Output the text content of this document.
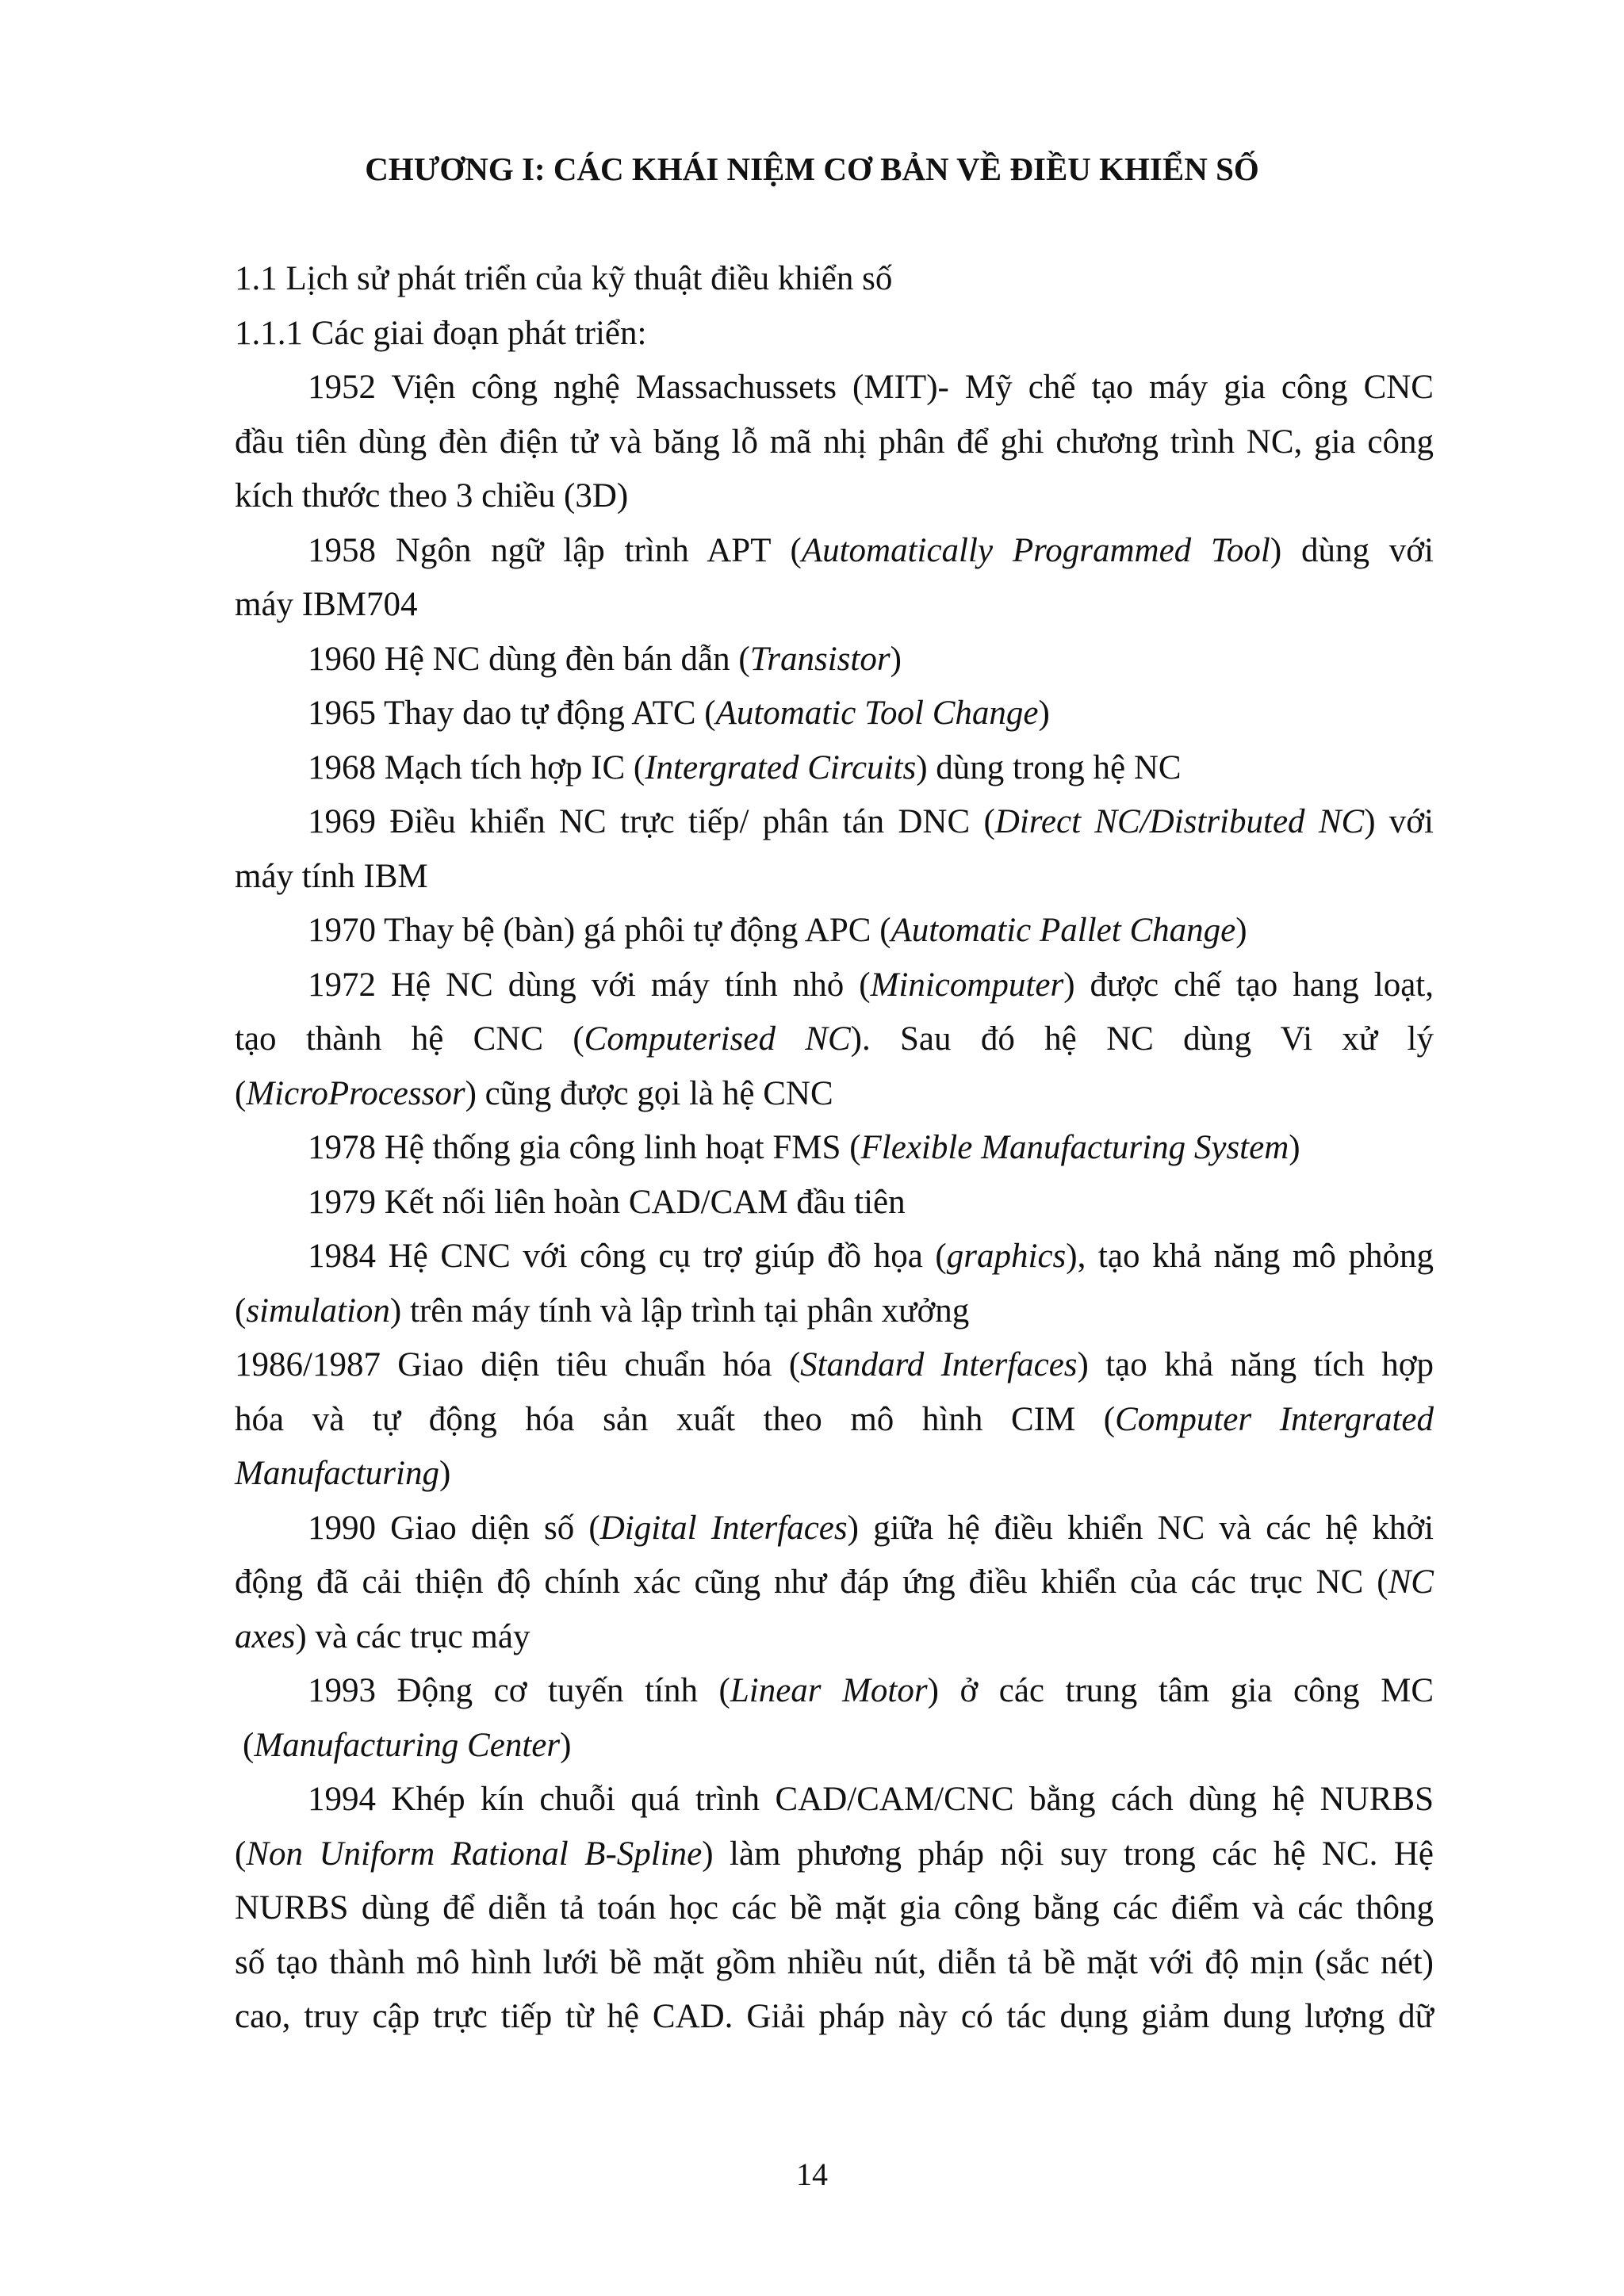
CHƯƠNG I: CÁC KHÁI NIỆM CƠ BẢN VỀ ĐIỀU KHIỂN SỐ
1.1 Lịch sử phát triển của kỹ thuật điều khiển số
1.1.1 Các giai đoạn phát triển:
1952 Viện công nghệ Massachussets (MIT)- Mỹ chế tạo máy gia công CNC
đầu tiên dùng đèn điện tử và băng lỗ mã nhị phân để ghi chương trình NC, gia công
kích thước theo 3 chiều (3D)
1958 Ngôn ngữ lập trình APT (Automatically Programmed Tool) dùng với
máy IBM704
1960 Hệ NC dùng đèn bán dẫn (Transistor)
1965 Thay dao tự động ATC (Automatic Tool Change)
1968 Mạch tích hợp IC (Intergrated Circuits) dùng trong hệ NC
1969 Điều khiển NC trực tiếp/ phân tán DNC (Direct NC/Distributed NC) với
máy tính IBM
1970 Thay bệ (bàn) gá phôi tự động APC (Automatic Pallet Change)
1972 Hệ NC dùng với máy tính nhỏ (Minicomputer) được chế tạo hang loạt,
tạo thành hệ CNC (Computerised NC). Sau đó hệ NC dùng Vi xử lý
(MicroProcessor) cũng được gọi là hệ CNC
1978 Hệ thống gia công linh hoạt FMS (Flexible Manufacturing System)
1979 Kết nối liên hoàn CAD/CAM đầu tiên
1984 Hệ CNC với công cụ trợ giúp đồ họa (graphics), tạo khả năng mô phỏng
(simulation) trên máy tính và lập trình tại phân xưởng
1986/1987 Giao diện tiêu chuẩn hóa (Standard Interfaces) tạo khả năng tích hợp
hóa và tự động hóa sản xuất theo mô hình CIM (Computer Intergrated
Manufacturing)
1990 Giao diện số (Digital Interfaces) giữa hệ điều khiển NC và các hệ khởi
động đã cải thiện độ chính xác cũng như đáp ứng điều khiển của các trục NC (NC
axes) và các trục máy
1993 Động cơ tuyến tính (Linear Motor) ở các trung tâm gia công MC
(Manufacturing Center)
1994 Khép kín chuỗi quá trình CAD/CAM/CNC bằng cách dùng hệ NURBS
(Non Uniform Rational B-Spline) làm phương pháp nội suy trong các hệ NC. Hệ
NURBS dùng để diễn tả toán học các bề mặt gia công bằng các điểm và các thông
số tạo thành mô hình lưới bề mặt gồm nhiều nút, diễn tả bề mặt với độ mịn (sắc nét)
cao, truy cập trực tiếp từ hệ CAD. Giải pháp này có tác dụng giảm dung lượng dữ
14
